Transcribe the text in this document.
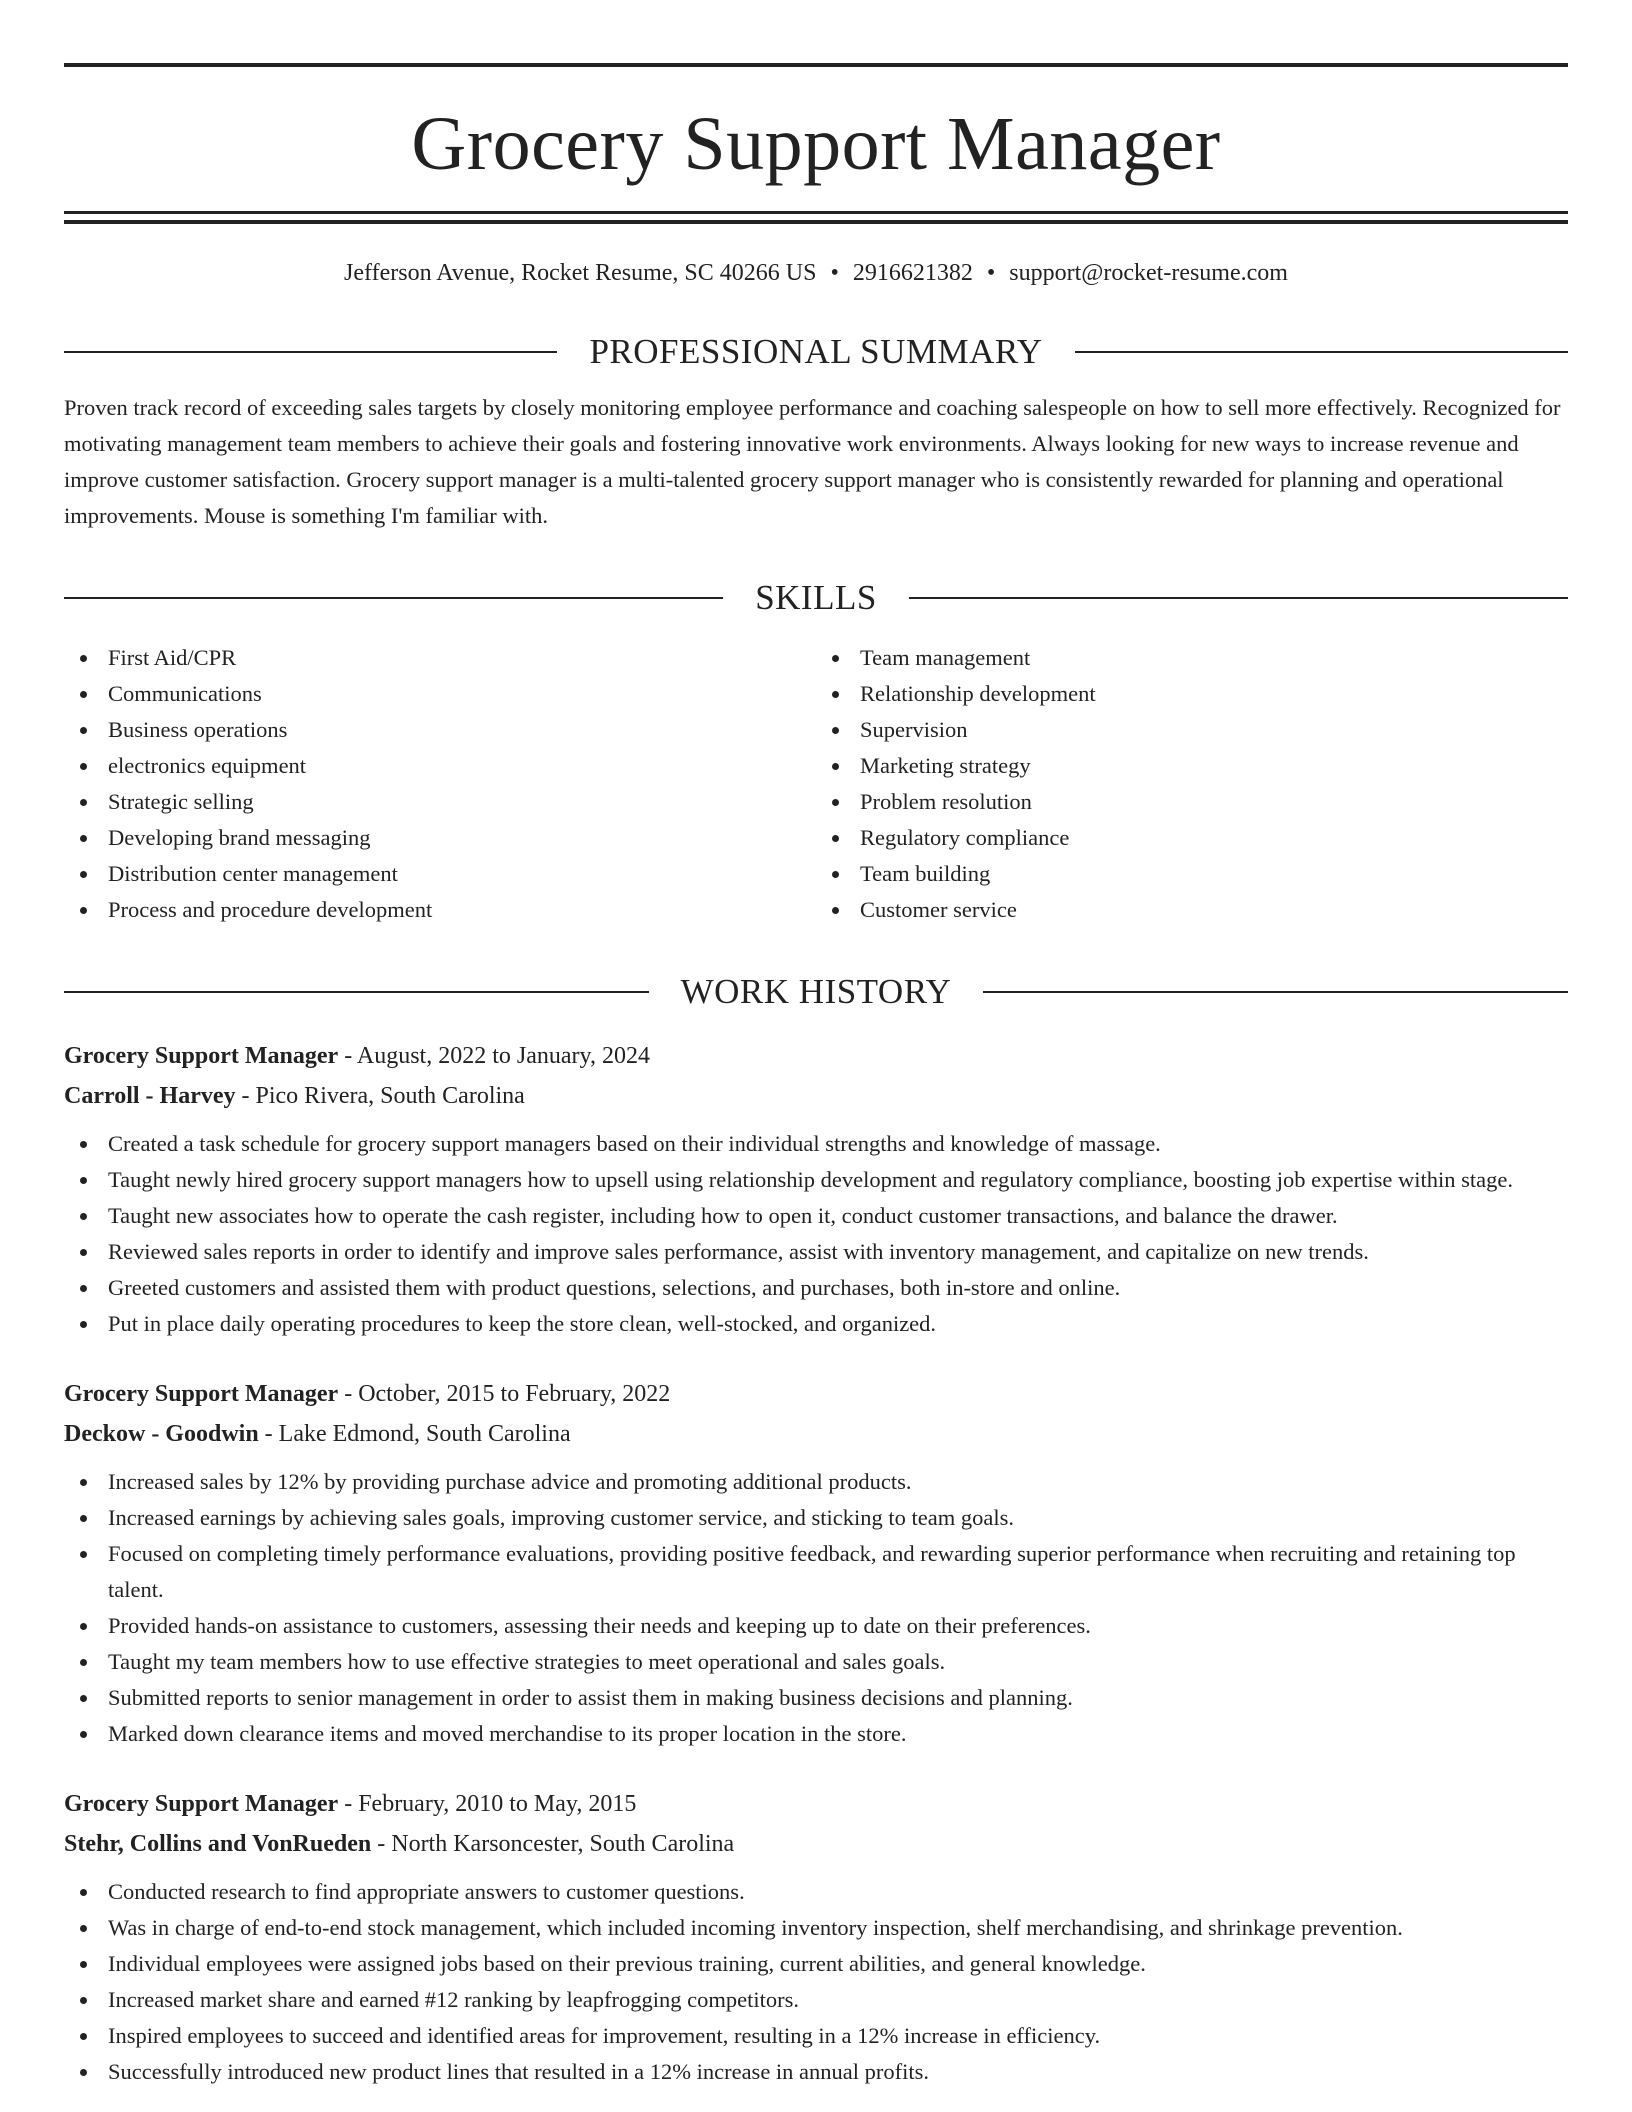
Grocery Support Manager
Jefferson Avenue, Rocket Resume, SC 40266 US • 2916621382 • support@rocket-resume.com
PROFESSIONAL SUMMARY
Proven track record of exceeding sales targets by closely monitoring employee performance and coaching salespeople on how to sell more effectively. Recognized for motivating management team members to achieve their goals and fostering innovative work environments. Always looking for new ways to increase revenue and improve customer satisfaction. Grocery support manager is a multi-talented grocery support manager who is consistently rewarded for planning and operational improvements. Mouse is something I'm familiar with.
SKILLS
First Aid/CPR
Communications
Business operations
electronics equipment
Strategic selling
Developing brand messaging
Distribution center management
Process and procedure development
Team management
Relationship development
Supervision
Marketing strategy
Problem resolution
Regulatory compliance
Team building
Customer service
WORK HISTORY
Grocery Support Manager - August, 2022 to January, 2024
Carroll - Harvey - Pico Rivera, South Carolina
Created a task schedule for grocery support managers based on their individual strengths and knowledge of massage.
Taught newly hired grocery support managers how to upsell using relationship development and regulatory compliance, boosting job expertise within stage.
Taught new associates how to operate the cash register, including how to open it, conduct customer transactions, and balance the drawer.
Reviewed sales reports in order to identify and improve sales performance, assist with inventory management, and capitalize on new trends.
Greeted customers and assisted them with product questions, selections, and purchases, both in-store and online.
Put in place daily operating procedures to keep the store clean, well-stocked, and organized.
Grocery Support Manager - October, 2015 to February, 2022
Deckow - Goodwin - Lake Edmond, South Carolina
Increased sales by 12% by providing purchase advice and promoting additional products.
Increased earnings by achieving sales goals, improving customer service, and sticking to team goals.
Focused on completing timely performance evaluations, providing positive feedback, and rewarding superior performance when recruiting and retaining top talent.
Provided hands-on assistance to customers, assessing their needs and keeping up to date on their preferences.
Taught my team members how to use effective strategies to meet operational and sales goals.
Submitted reports to senior management in order to assist them in making business decisions and planning.
Marked down clearance items and moved merchandise to its proper location in the store.
Grocery Support Manager - February, 2010 to May, 2015
Stehr, Collins and VonRueden - North Karsoncester, South Carolina
Conducted research to find appropriate answers to customer questions.
Was in charge of end-to-end stock management, which included incoming inventory inspection, shelf merchandising, and shrinkage prevention.
Individual employees were assigned jobs based on their previous training, current abilities, and general knowledge.
Increased market share and earned #12 ranking by leapfrogging competitors.
Inspired employees to succeed and identified areas for improvement, resulting in a 12% increase in efficiency.
Successfully introduced new product lines that resulted in a 12% increase in annual profits.
